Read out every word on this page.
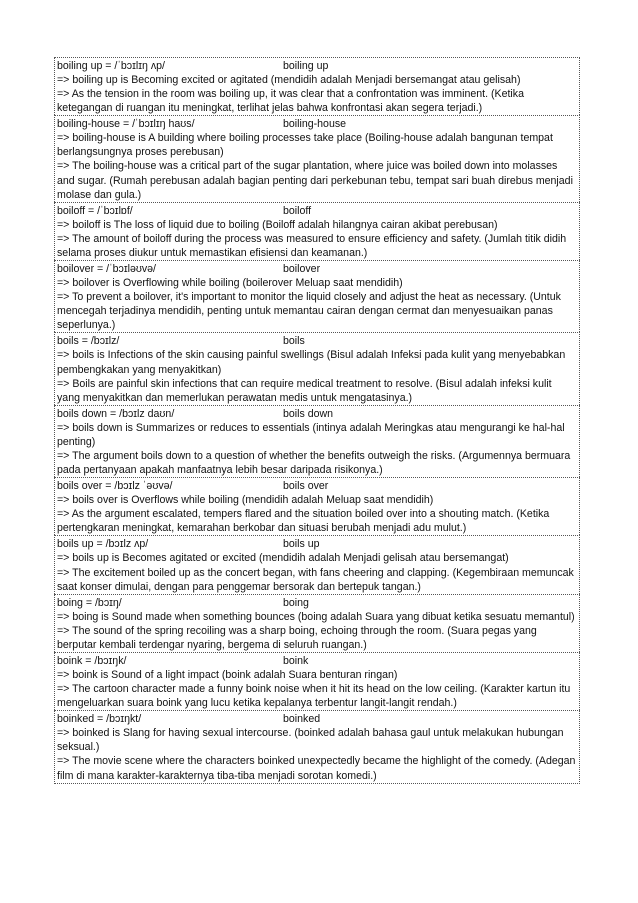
boiling up = /ˈbɔɪlɪŋ ʌp/	boiling up

=> boiling up is Becoming excited or agitated (mendidih adalah Menjadi bersemangat atau gelisah)

=> As the tension in the room was boiling up, it was clear that a confrontation was imminent. (Ketika ketegangan di ruangan itu meningkat, terlihat jelas bahwa konfrontasi akan segera terjadi.)

boiling-house = /ˈbɔɪlɪŋ haʊs/	boiling-house

=> boiling-house is A building where boiling processes take place (Boiling-house adalah bangunan tempat berlangsungnya proses perebusan)

=> The boiling-house was a critical part of the sugar plantation, where juice was boiled down into molasses and sugar. (Rumah perebusan adalah bagian penting dari perkebunan tebu, tempat sari buah direbus menjadi molase dan gula.)

boiloff = /ˈbɔɪlɒf/	boiloff

=> boiloff is The loss of liquid due to boiling (Boiloff adalah hilangnya cairan akibat perebusan)

=> The amount of boiloff during the process was measured to ensure efficiency and safety. (Jumlah titik didih selama proses diukur untuk memastikan efisiensi dan keamanan.)

boilover = /ˈbɔɪləʊvə/	boilover

=> boilover is Overflowing while boiling (boilerover Meluap saat mendidih)

=> To prevent a boilover, it's important to monitor the liquid closely and adjust the heat as necessary. (Untuk mencegah terjadinya mendidih, penting untuk memantau cairan dengan cermat dan menyesuaikan panas seperlunya.)

boils = /bɔɪlz/	boils

=> boils is Infections of the skin causing painful swellings (Bisul adalah Infeksi pada kulit yang menyebabkan pembengkakan yang menyakitkan)

=> Boils are painful skin infections that can require medical treatment to resolve. (Bisul adalah infeksi kulit yang menyakitkan dan memerlukan perawatan medis untuk mengatasinya.)

boils down = /bɔɪlz daʊn/	boils down

=> boils down is Summarizes or reduces to essentials (intinya adalah Meringkas atau mengurangi ke hal-hal penting)

=> The argument boils down to a question of whether the benefits outweigh the risks. (Argumennya bermuara pada pertanyaan apakah manfaatnya lebih besar daripada risikonya.)

boils over = /bɔɪlz ˈəʊvə/	boils over

=> boils over is Overflows while boiling (mendidih adalah Meluap saat mendidih)

=> As the argument escalated, tempers flared and the situation boiled over into a shouting match. (Ketika pertengkaran meningkat, kemarahan berkobar dan situasi berubah menjadi adu mulut.)

boils up = /bɔɪlz ʌp/	boils up

=> boils up is Becomes agitated or excited (mendidih adalah Menjadi gelisah atau bersemangat)

=> The excitement boiled up as the concert began, with fans cheering and clapping. (Kegembiraan memuncak saat konser dimulai, dengan para penggemar bersorak dan bertepuk tangan.)

boing = /bɔɪŋ/	boing

=> boing is Sound made when something bounces (boing adalah Suara yang dibuat ketika sesuatu memantul)

=> The sound of the spring recoiling was a sharp boing, echoing through the room. (Suara pegas yang berputar kembali terdengar nyaring, bergema di seluruh ruangan.)

boink = /bɔɪŋk/	boink

=> boink is Sound of a light impact (boink adalah Suara benturan ringan)

=> The cartoon character made a funny boink noise when it hit its head on the low ceiling. (Karakter kartun itu mengeluarkan suara boink yang lucu ketika kepalanya terbentur langit-langit rendah.)

boinked = /bɔɪŋkt/	boinked

=> boinked is Slang for having sexual intercourse. (boinked adalah bahasa gaul untuk melakukan hubungan seksual.)

=> The movie scene where the characters boinked unexpectedly became the highlight of the comedy. (Adegan film di mana karakter-karakternya tiba-tiba menjadi sorotan komedi.)
